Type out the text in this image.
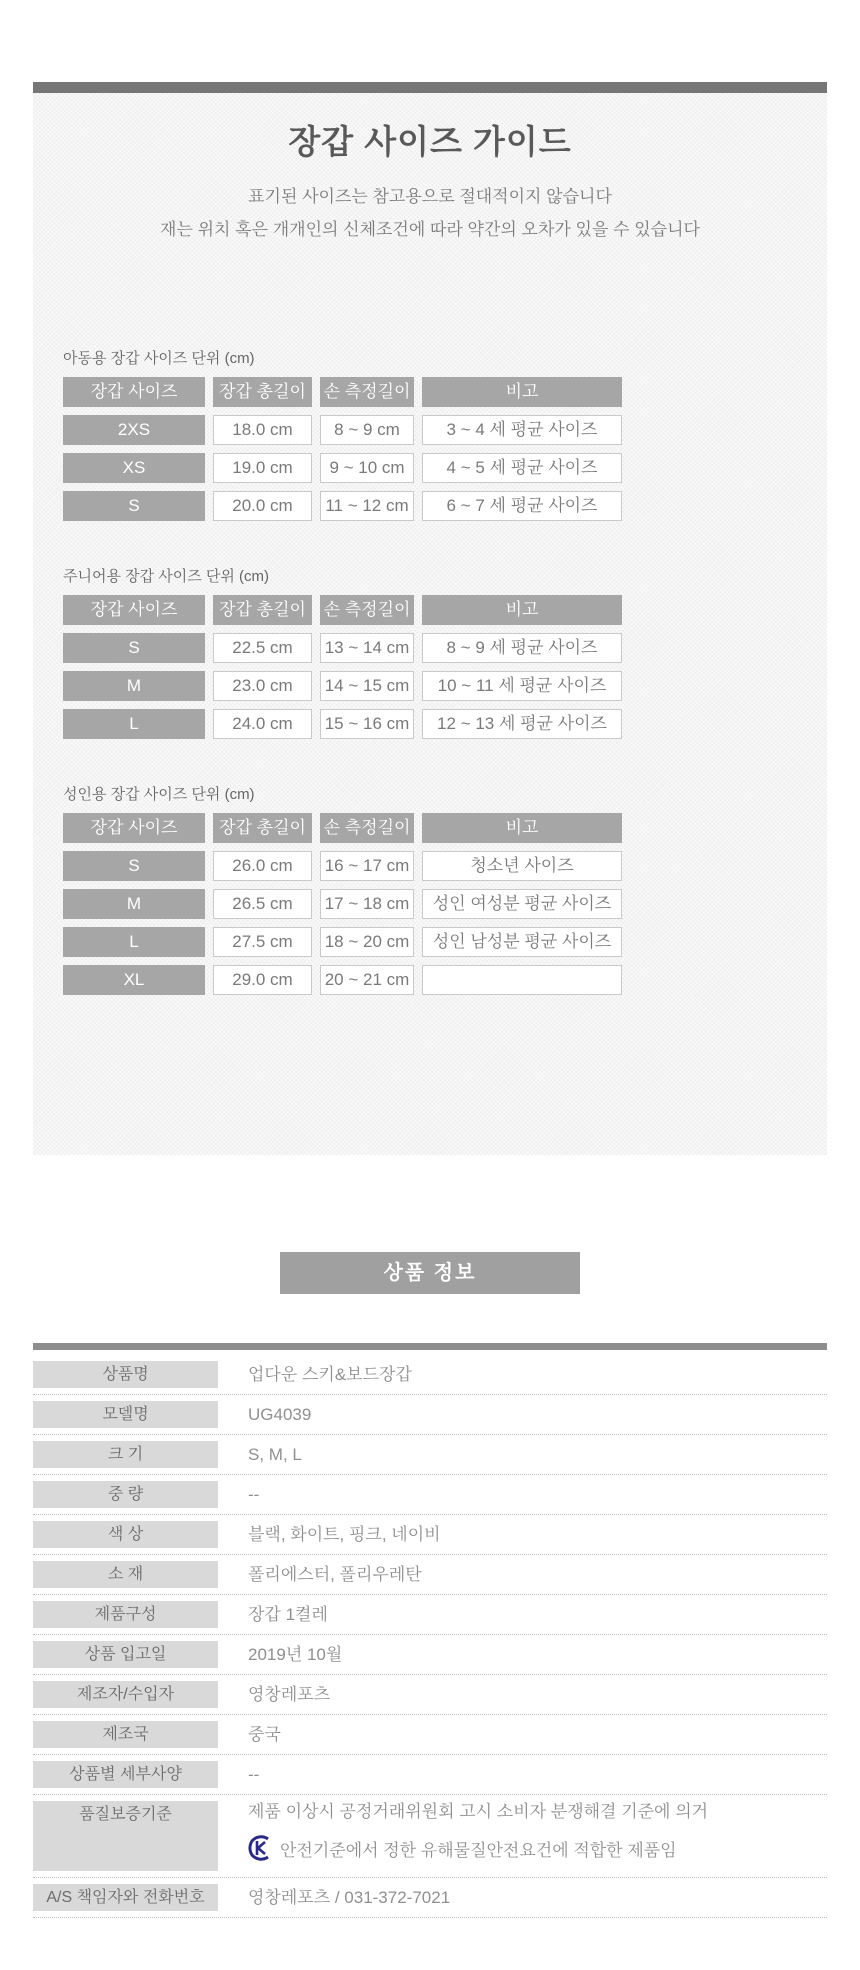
장갑 사이즈 가이드

표기된 사이즈는 참고용으로 절대적이지 않습니다

재는 위치 혹은 개개인의 신체조건에 따라 약간의 오차가 있을 수 있습니다

아동용 장갑 사이즈 단위 (cm)
장갑 사이즈	장갑 총길이	손 측정길이	비고
2XS	18.0 cm	8 ~ 9 cm	3 ~ 4 세 평균 사이즈
XS	19.0 cm	9 ~ 10 cm	4 ~ 5 세 평균 사이즈
S	20.0 cm	11 ~ 12 cm	6 ~ 7 세 평균 사이즈
주니어용 장갑 사이즈 단위 (cm)
장갑 사이즈	장갑 총길이	손 측정길이	비고
S	22.5 cm	13 ~ 14 cm	8 ~ 9 세 평균 사이즈
M	23.0 cm	14 ~ 15 cm	10 ~ 11 세 평균 사이즈
L	24.0 cm	15 ~ 16 cm	12 ~ 13 세 평균 사이즈
성인용 장갑 사이즈 단위 (cm)
장갑 사이즈	장갑 총길이	손 측정길이	비고
S	26.0 cm	16 ~ 17 cm	청소년 사이즈
M	26.5 cm	17 ~ 18 cm	성인 여성분 평균 사이즈
L	27.5 cm	18 ~ 20 cm	성인 남성분 평균 사이즈
XL	29.0 cm	20 ~ 21 cm
상품 정보
상품명	업다운 스키&보드장갑
모델명	UG4039
크 기	S, M, L
중 량	--
색 상	블랙, 화이트, 핑크, 네이비
소 재	폴리에스터, 폴리우레탄
제품구성	장갑 1켤레
상품 입고일	2019년 10월
제조자/수입자	영창레포츠
제조국	중국
상품별 세부사양	--
품질보증기준	제품 이상시 공정거래위원회 고시 소비자 분쟁해결 기준에 의거
안전기준에서 정한 유해물질안전요건에 적합한 제품임
A/S 책임자와 전화번호	영창레포츠 / 031-372-7021
